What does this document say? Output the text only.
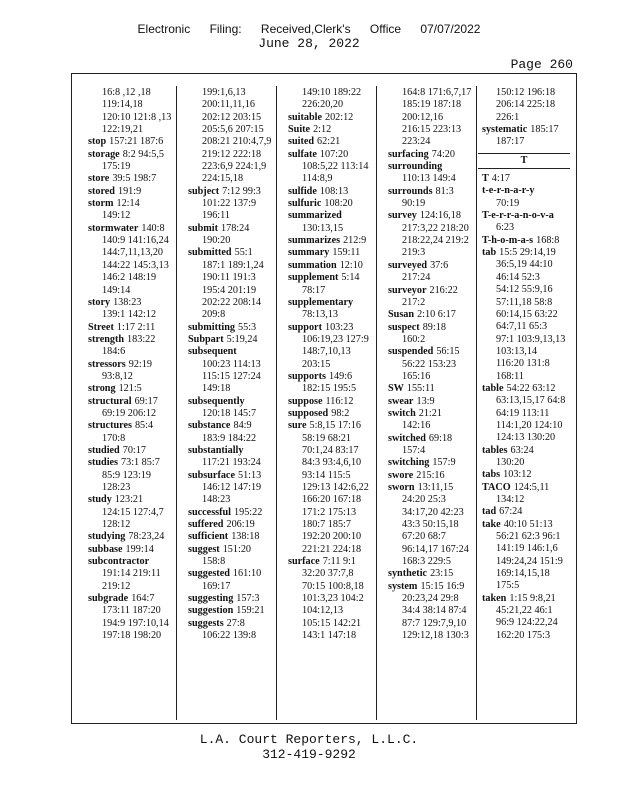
Electronic Filing: Received,Clerk's Office 07/07/2022
June 28, 2022
Page 260
16:8 ,12 ,18
119:14,18
120:10 121:8 ,13
122:19,21
stop 157:21 187:6
storage 8:2 94:5,5
175:19
store 39:5 198:7
stored 191:9
storm 12:14
149:12
stormwater 140:8
140:9 141:16,24
144:7,11,13,20
144:22 145:3,13
146:2 148:19
149:14
story 138:23
139:1 142:12
Street 1:17 2:11
strength 183:22
184:6
stressors 92:19
93:8,12
strong 121:5
structural 69:17
69:19 206:12
structures 85:4
170:8
studied 70:17
studies 73:1 85:7
85:9 123:19
128:23
study 123:21
124:15 127:4,7
128:12
studying 78:23,24
subbase 199:14
subcontractor
191:14 219:11
219:12
subgrade 164:7
173:11 187:20
194:9 197:10,14
197:18 198:20
199:1,6,13
200:11,11,16
202:12 203:15
205:5,6 207:15
208:21 210:4,7,9
219:12 222:18
223:6,9 224:1,9
224:15,18
subject 7:12 99:3
101:22 137:9
196:11
submit 178:24
190:20
submitted 55:1
187:1 189:1,24
190:11 191:3
195:4 201:19
202:22 208:14
209:8
submitting 55:3
Subpart 5:19,24
subsequent
100:23 114:13
115:15 127:24
149:18
subsequently
120:18 145:7
substance 84:9
183:9 184:22
substantially
117:21 193:24
subsurface 51:13
146:12 147:19
148:23
successful 195:22
suffered 206:19
sufficient 138:18
suggest 151:20
158:8
suggested 161:10
169:17
suggesting 157:3
suggestion 159:21
suggests 27:8
106:22 139:8
149:10 189:22
226:20,20
suitable 202:12
Suite 2:12
suited 62:21
sulfate 107:20
108:5,22 113:14
114:8,9
sulfide 108:13
sulfuric 108:20
summarized
130:13,15
summarizes 212:9
summary 159:11
summation 12:10
supplement 5:14
78:17
supplementary
78:13,13
support 103:23
106:19,23 127:9
148:7,10,13
203:15
supports 149:6
182:15 195:5
suppose 116:12
supposed 98:2
sure 5:8,15 17:16
58:19 68:21
70:1,24 83:17
84:3 93:4,6,10
93:14 115:5
129:13 142:6,22
166:20 167:18
171:2 175:13
180:7 185:7
192:20 200:10
221:21 224:18
surface 7:11 9:1
32:20 37:7,8
70:15 100:8,18
101:3,23 104:2
104:12,13
105:15 142:21
143:1 147:18
164:8 171:6,7,17
185:19 187:18
200:12,16
216:15 223:13
223:24
surfacing 74:20
surrounding
110:13 149:4
surrounds 81:3
90:19
survey 124:16,18
217:3,22 218:20
218:22,24 219:2
219:3
surveyed 37:6
217:24
surveyor 216:22
217:2
Susan 2:10 6:17
suspect 89:18
160:2
suspended 56:15
56:22 153:23
165:16
SW 155:11
swear 13:9
switch 21:21
142:16
switched 69:18
157:4
switching 157:9
swore 215:16
sworn 13:11,15
24:20 25:3
34:17,20 42:23
43:3 50:15,18
67:20 68:7
96:14,17 167:24
168:3 229:5
synthetic 23:15
system 15:15 16:9
20:23,24 29:8
34:4 38:14 87:4
87:7 129:7,9,10
129:12,18 130:3
150:12 196:18
206:14 225:18
226:1
systematic 185:17
187:17
T
T 4:17
t-e-r-n-a-r-y
70:19
T-e-r-r-a-n-o-v-a
6:23
T-h-o-m-a-s 168:8
tab 15:5 29:14,19
36:5,19 44:10
46:14 52:3
54:12 55:9,16
57:11,18 58:8
60:14,15 63:22
64:7,11 65:3
97:1 103:9,13,13
103:13,14
116:20 131:8
168:11
table 54:22 63:12
63:13,15,17 64:8
64:19 113:11
114:1,20 124:10
124:13 130:20
tables 63:24
130:20
tabs 103:12
TACO 124:5,11
134:12
tad 67:24
take 40:10 51:13
56:21 62:3 96:1
141:19 146:1,6
149:24,24 151:9
169:14,15,18
175:5
taken 1:15 9:8,21
45:21,22 46:1
96:9 124:22,24
162:20 175:3
L.A. Court Reporters, L.L.C.
312-419-9292
